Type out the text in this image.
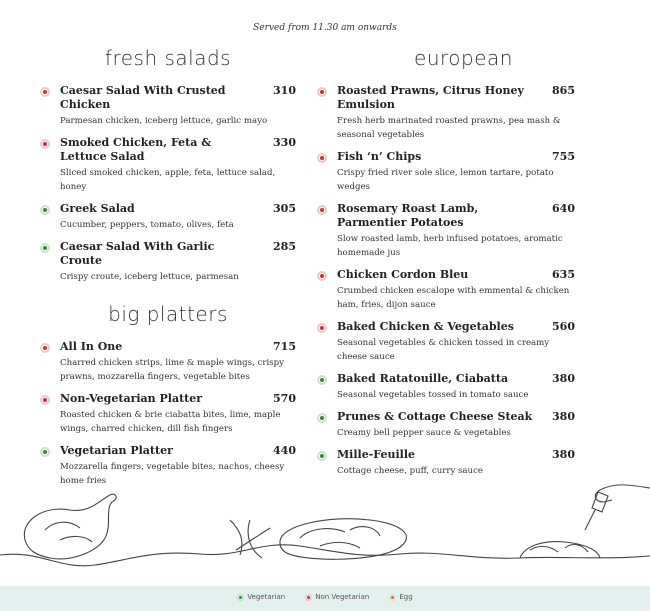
Served from 11.30 am onwards
fresh salads
310
Caesar Salad With Crusted Chicken
Parmesan chicken, iceberg lettuce, garlic mayo
330
Smoked Chicken, Feta & Lettuce Salad
Sliced smoked chicken, apple, feta, lettuce salad, honey
305
Greek Salad
Cucumber, peppers, tomato, olives, feta
285
Caesar Salad With Garlic Croute
Crispy croute, iceberg lettuce, parmesan
big platters
715
All In One
Charred chicken strips, lime & maple wings, crispy prawns, mozzarella fingers, vegetable bites
570
Non-Vegetarian Platter
Roasted chicken & brie ciabatta bites, lime, maple wings, charred chicken, dill fish fingers
440
Vegetarian Platter
Mozzarella fingers, vegetable bites, nachos, cheesy home fries
european
865
Roasted Prawns, Citrus Honey Emulsion
Fresh herb marinated roasted prawns, pea mash & seasonal vegetables
755
Fish ‘n’ Chips
Crispy fried river sole slice, lemon tartare, potato wedges
640
Rosemary Roast Lamb, Parmentier Potatoes
Slow roasted lamb, herb infused potatoes, aromatic homemade jus
635
Chicken Cordon Bleu
Crumbed chicken escalope with emmental & chicken ham, fries, dijon sauce
560
Baked Chicken & Vegetables
Seasonal vegetables & chicken tossed in creamy cheese sauce
380
Baked Ratatouille, Ciabatta
Seasonal vegetables tossed in tomato sauce
380
Prunes & Cottage Cheese Steak
Creamy bell pepper sauce & vegetables
380
Mille-Feuille
Cottage cheese, puff, curry sauce
Vegetarian	Non Vegetarian	Egg
